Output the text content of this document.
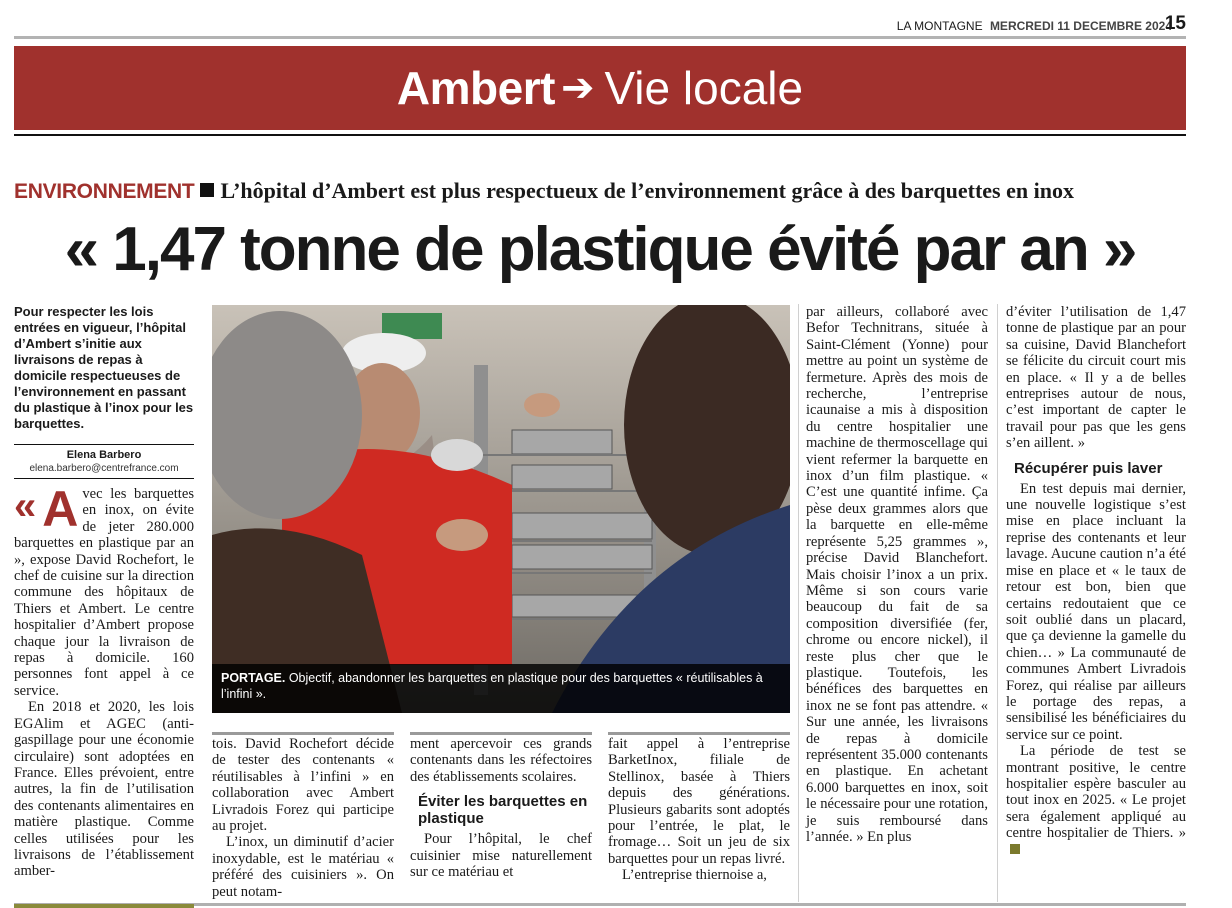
LA MONTAGNE MERCREDI 11 DECEMBRE 2024
15
Ambert ➔ Vie locale
ENVIRONNEMENT L’hôpital d’Ambert est plus respectueux de l’environnement grâce à des barquettes en inox
« 1,47 tonne de plastique évité par an »
Pour respecter les lois entrées en vigueur, l’hôpital d’Ambert s’initie aux livraisons de repas à domicile respectueuses de l’environnement en passant du plastique à l’inox pour les barquettes.
Elena Barbero
elena.barbero@centrefrance.com
« A vec les barquettes en inox, on évite de jeter 280.000 barquettes en plastique par an », expose David Rochefort, le chef de cuisine sur la direction commune des hôpitaux de Thiers et Ambert. Le centre hospitalier d’Ambert propose chaque jour la livraison de repas à domicile. 160 personnes font appel à ce service.

En 2018 et 2020, les lois EGAlim et AGEC (anti-gaspillage pour une économie circulaire) sont adoptées en France. Elles prévoient, entre autres, la fin de l’utilisation des contenants alimentaires en matière plastique. Comme celles utilisées pour les livraisons de l’établissement amber-

PORTAGE. Objectif, abandonner les barquettes en plastique pour des barquettes « réutilisables à l’infini ».
tois. David Rochefort décide de tester des contenants « réutilisables à l’infini » en collaboration avec Ambert Livradois Forez qui participe au projet.

L’inox, un diminutif d’acier inoxydable, est le matériau « préféré des cuisiniers ». On peut notam-

ment apercevoir ces grands contenants dans les réfectoires des établissements scolaires.
Éviter les barquettes en plastique

Pour l’hôpital, le chef cuisinier mise naturellement sur ce matériau et

fait appel à l’entreprise BarketInox, filiale de Stellinox, basée à Thiers depuis des générations. Plusieurs gabarits sont adoptés pour l’entrée, le plat, le fromage… Soit un jeu de six barquettes pour un repas livré.

L’entreprise thiernoise a,

par ailleurs, collaboré avec Befor Technitrans, située à Saint-Clément (Yonne) pour mettre au point un système de fermeture. Après des mois de recherche, l’entreprise icaunaise a mis à disposition du centre hospitalier une machine de thermoscellage qui vient refermer la barquette en inox d’un film plastique. « C’est une quantité infime. Ça pèse deux grammes alors que la barquette en elle-même représente 5,25 grammes », précise David Blanchefort. Mais choisir l’inox a un prix. Même si son cours varie beaucoup du fait de sa composition diversifiée (fer, chrome ou encore nickel), il reste plus cher que le plastique. Toutefois, les bénéfices des barquettes en inox ne se font pas attendre. « Sur une année, les livraisons de repas à domicile représentent 35.000 contenants en plastique. En achetant 6.000 barquettes en inox, soit le nécessaire pour une rotation, je suis remboursé dans l’année. » En plus
d’éviter l’utilisation de 1,47 tonne de plastique par an pour sa cuisine, David Blanchefort se félicite du circuit court mis en place. « Il y a de belles entreprises autour de nous, c’est important de capter le travail pour pas que les gens s’en aillent. »
Récupérer puis laver

En test depuis mai dernier, une nouvelle logistique s’est mise en place incluant la reprise des contenants et leur lavage. Aucune caution n’a été mise en place et « le taux de retour est bon, bien que certains redoutaient que ce soit oublié dans un placard, que ça devienne la gamelle du chien… » La communauté de communes Ambert Livradois Forez, qui réalise par ailleurs le portage des repas, a sensibilisé les bénéficiaires du service sur ce point.

La période de test se montrant positive, le centre hospitalier espère basculer au tout inox en 2025. « Le projet sera également appliqué au centre hospitalier de Thiers. »
